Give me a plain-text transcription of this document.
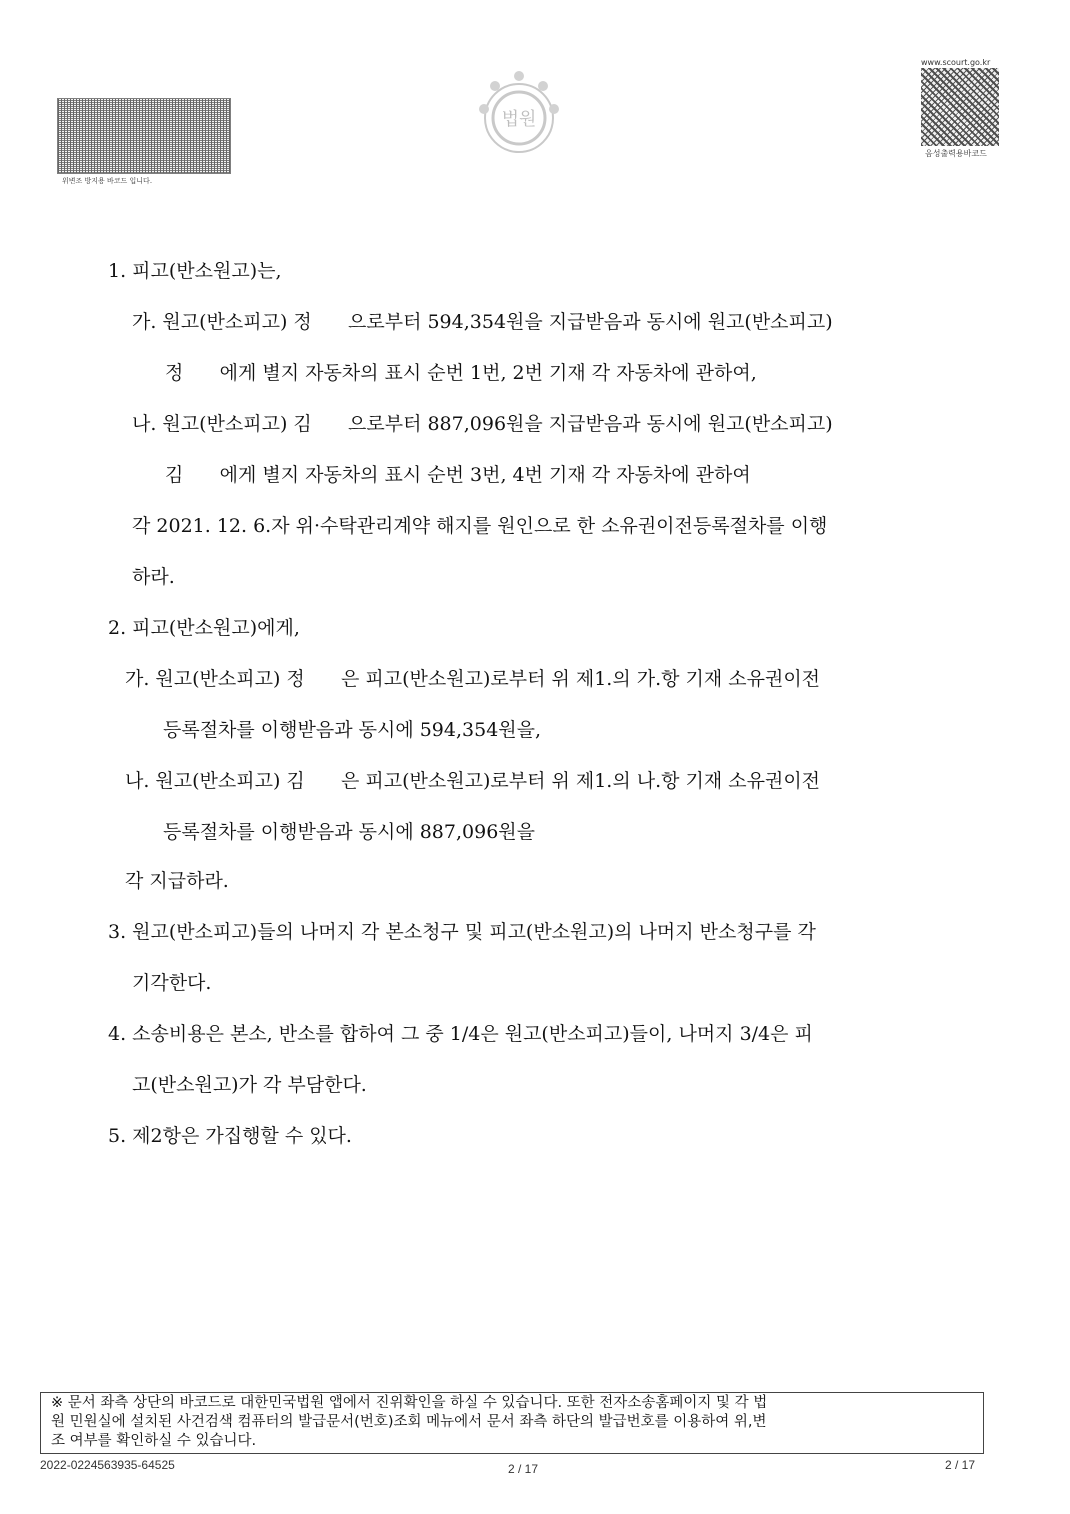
위변조 방지용 바코드 입니다.
법원
www.scourt.go.kr
음성출력용바코드
1. 피고(반소원고)는,
가. 원고(반소피고) 정      으로부터 594,354원을 지급받음과 동시에 원고(반소피고)
정      에게 별지 자동차의 표시 순번 1번, 2번 기재 각 자동차에 관하여,
나. 원고(반소피고) 김      으로부터 887,096원을 지급받음과 동시에 원고(반소피고)
김      에게 별지 자동차의 표시 순번 3번, 4번 기재 각 자동차에 관하여
각 2021. 12. 6.자 위·수탁관리계약 해지를 원인으로 한 소유권이전등록절차를 이행
하라.
2. 피고(반소원고)에게,
가. 원고(반소피고) 정      은 피고(반소원고)로부터 위 제1.의 가.항 기재 소유권이전
등록절차를 이행받음과 동시에 594,354원을,
나. 원고(반소피고) 김      은 피고(반소원고)로부터 위 제1.의 나.항 기재 소유권이전
등록절차를 이행받음과 동시에 887,096원을
각 지급하라.
3. 원고(반소피고)들의 나머지 각 본소청구 및 피고(반소원고)의 나머지 반소청구를 각
기각한다.
4. 소송비용은 본소, 반소를 합하여 그 중 1/4은 원고(반소피고)들이, 나머지 3/4은 피
고(반소원고)가 각 부담한다.
5. 제2항은 가집행할 수 있다.
※ 문서 좌측 상단의 바코드로 대한민국법원 앱에서 진위확인을 하실 수 있습니다. 또한 전자소송홈페이지 및 각 법
원 민원실에 설치된 사건검색 컴퓨터의 발급문서(번호)조회 메뉴에서 문서 좌측 하단의 발급번호를 이용하여 위,변
조 여부를 확인하실 수 있습니다.
2022-0224563935-64525	2 / 17	2 / 17
